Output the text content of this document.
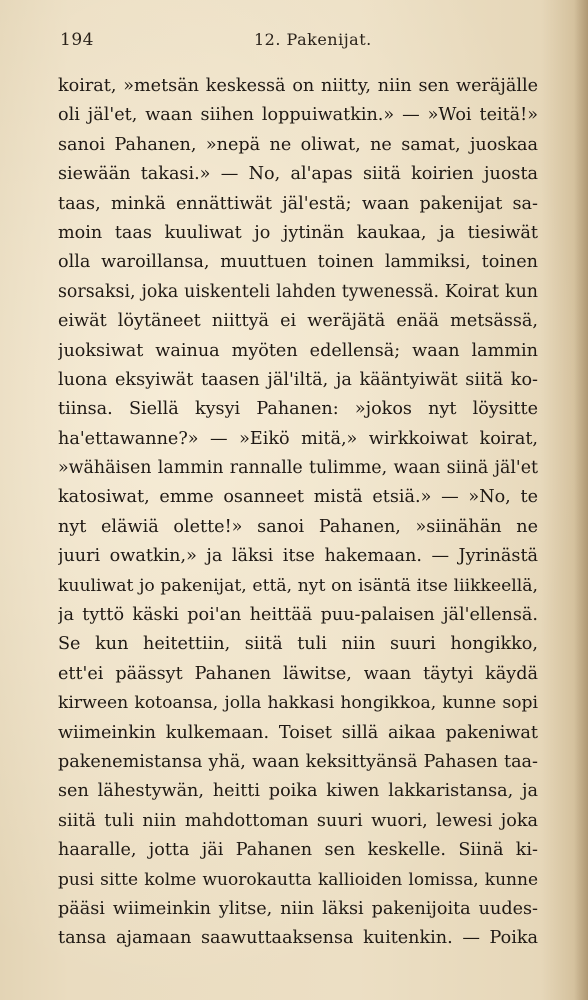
194	12. Pakenijat.
koirat, »metsän keskessä on niitty, niin sen weräjälle
oli jäl'et, waan siihen loppuiwatkin.» — »Woi teitä!»
sanoi Pahanen, »nepä ne oliwat, ne samat, juoskaa
siewään takasi.» — No, al'apas siitä koirien juosta
taas, minkä ennättiwät jäl'estä; waan pakenijat sa-
moin taas kuuliwat jo jytinän kaukaa, ja tiesiwät
olla waroillansa, muuttuen toinen lammiksi, toinen
sorsaksi, joka uiskenteli lahden tywenessä. Koirat kun
eiwät löytäneet niittyä ei weräjätä enää metsässä,
juoksiwat wainua myöten edellensä; waan lammin
luona eksyiwät taasen jäl'iltä, ja kääntyiwät siitä ko-
tiinsa. Siellä kysyi Pahanen: »jokos nyt löysitte
ha'ettawanne?» — »Eikö mitä,» wirkkoiwat koirat,
»wähäisen lammin rannalle tulimme, waan siinä jäl'et
katosiwat, emme osanneet mistä etsiä.» — »No, te
nyt eläwiä olette!» sanoi Pahanen, »siinähän ne
juuri owatkin,» ja läksi itse hakemaan. — Jyrinästä
kuuliwat jo pakenijat, että, nyt on isäntä itse liikkeellä,
ja tyttö käski poi'an heittää puu-palaisen jäl'ellensä.
Se kun heitettiin, siitä tuli niin suuri hongikko,
ett'ei päässyt Pahanen läwitse, waan täytyi käydä
kirween kotoansa, jolla hakkasi hongikkoa, kunne sopi
wiimeinkin kulkemaan. Toiset sillä aikaa pakeniwat
pakenemistansa yhä, waan keksittyänsä Pahasen taa-
sen lähestywän, heitti poika kiwen lakkaristansa, ja
siitä tuli niin mahdottoman suuri wuori, lewesi joka
haaralle, jotta jäi Pahanen sen keskelle. Siinä ki-
pusi sitte kolme wuorokautta kallioiden lomissa, kunne
pääsi wiimeinkin ylitse, niin läksi pakenijoita uudes-
tansa ajamaan saawuttaaksensa kuitenkin. — Poika
